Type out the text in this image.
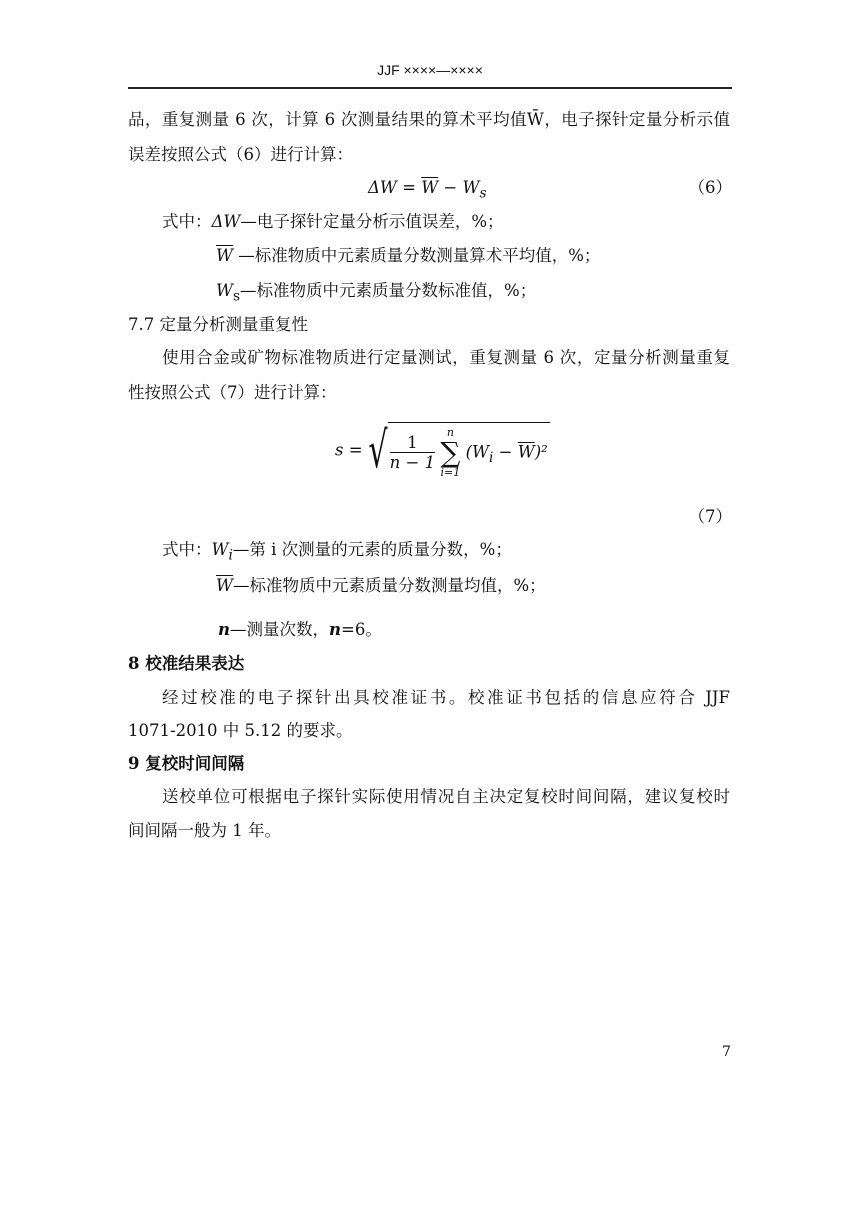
JJF ××××—××××
品，重复测量 6 次，计算 6 次测量结果的算术平均值W̄，电子探针定量分析示值
误差按照公式（6）进行计算：
$\Delta W = \overline{W} - W_s$	（6）
式中：ΔW—电子探针定量分析示值误差，%；
$\overline{W}$ —标准物质中元素质量分数测量算术平均值，%；
$W_s—$标准物质中元素质量分数标准值，%；
7.7 定量分析测量重复性
使用合金或矿物标准物质进行定量测试，重复测量 6 次，定量分析测量重复
性按照公式（7）进行计算：
s = √ $\frac{1}{n - 1}$

n
∑
i=1
$(W_i - \overline{W})^2$
（7）
式中：$W_i—$第 i 次测量的元素的质量分数，%；
$\overline{W}—$标准物质中元素质量分数测量均值，%；
n—测量次数，n=6。
8 校准结果表达
经过校准的电子探针出具校准证书。校准证书包括的信息应符合 JJF
1071-2010 中 5.12 的要求。
9 复校时间间隔
送校单位可根据电子探针实际使用情况自主决定复校时间间隔，建议复校时
间间隔一般为 1 年。
7
